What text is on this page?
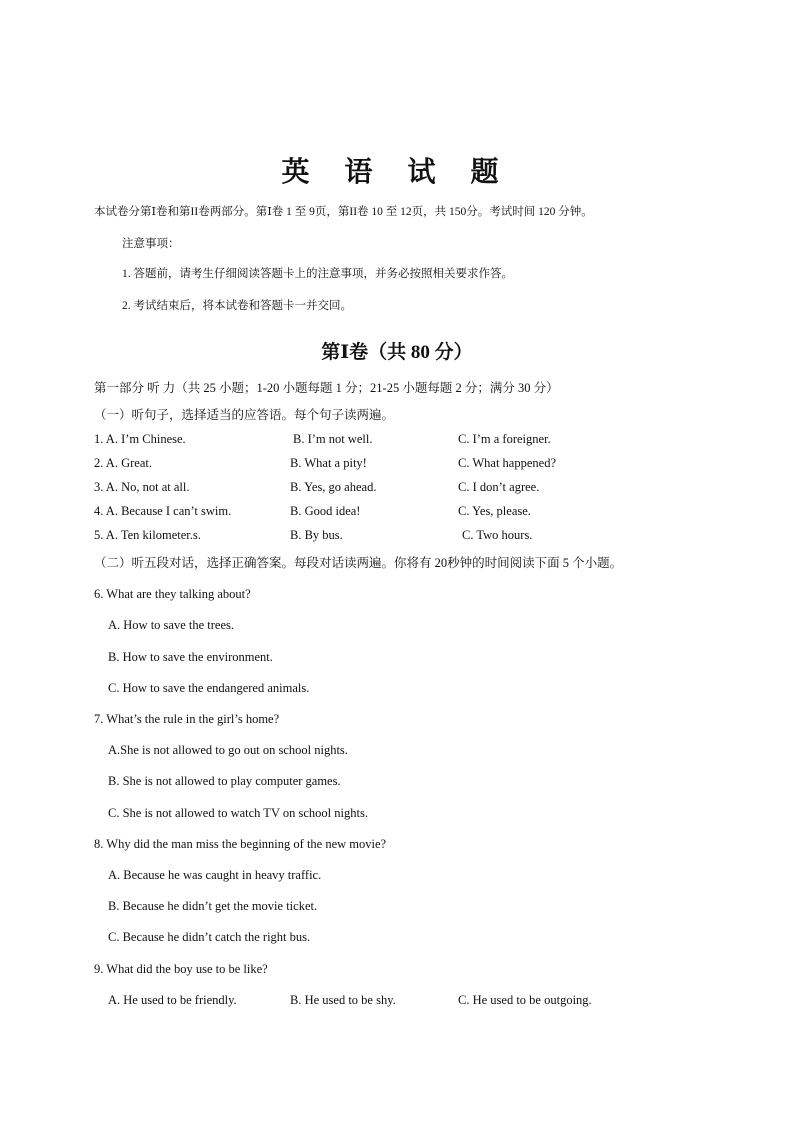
英 语 试 题
本试卷分第Ⅰ卷和第II卷两部分。第Ⅰ卷 1 至 9页，第II卷 10 至 12页，共 150分。考试时间 120 分钟。
注意事项：
1. 答题前，请考生仔细阅读答题卡上的注意事项，并务必按照相关要求作答。
2. 考试结束后，将本试卷和答题卡一并交回。
第Ⅰ卷（共 80 分）
第一部分 听 力（共 25 小题；1-20 小题每题 1 分；21-25 小题每题 2 分；满分 30 分）
（一）听句子，选择适当的应答语。每个句子读两遍。
1. A. I’m Chinese.	B. I’m not well.	C. I’m a foreigner.
2. A. Great.	B. What a pity!	C. What happened?
3. A. No, not at all.	B. Yes, go ahead.	C. I don’t agree.
4. A. Because I can’t swim.	B. Good idea!	C. Yes, please.
5. A. Ten kilometer.s.	B. By bus.	C. Two hours.
（二）听五段对话，选择正确答案。每段对话读两遍。你将有 20秒钟的时间阅读下面 5 个小题。
6. What are they talking about?
A. How to save the trees.
B. How to save the environment.
C. How to save the endangered animals.
7. What’s the rule in the girl’s home?
A.She is not allowed to go out on school nights.
B. She is not allowed to play computer games.
C. She is not allowed to watch TV on school nights.
8. Why did the man miss the beginning of the new movie?
A. Because he was caught in heavy traffic.
B. Because he didn’t get the movie ticket.
C. Because he didn’t catch the right bus.
9. What did the boy use to be like?
A. He used to be friendly.	B. He used to be shy.	C. He used to be outgoing.
